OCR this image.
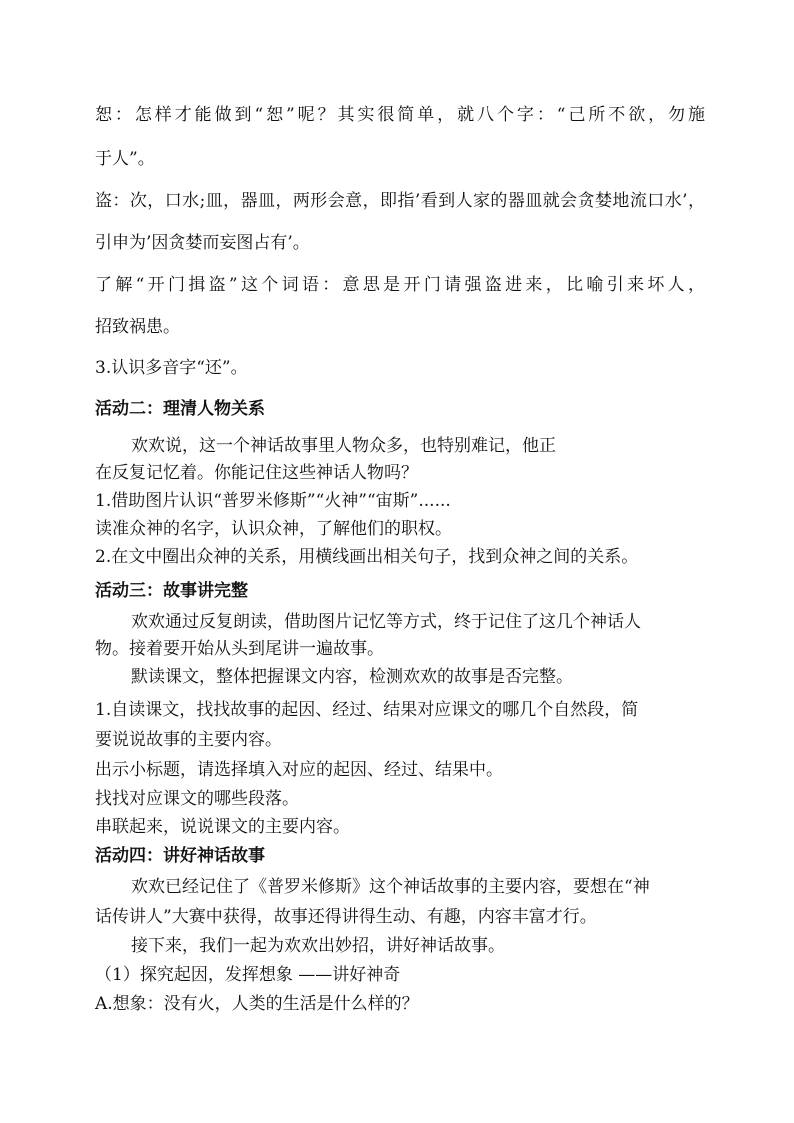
恕：怎样才能做到“恕”呢？其实很简单，就八个字：“己所不欲，勿施
于人”。
盗：次，口水;皿，器皿，两形会意，即指’看到人家的器皿就会贪婪地流口水’，
引申为’因贪婪而妄图占有’。
了解“开门揖盗”这个词语：意思是开门请强盗进来，比喻引来坏人，
招致祸患。
3.认识多音字“还”。
活动二：理清人物关系
欢欢说，这一个神话故事里人物众多，也特别难记，他正
在反复记忆着。你能记住这些神话人物吗？
1.借助图片认识“普罗米修斯”“火神”“宙斯”......
读准众神的名字，认识众神，了解他们的职权。
2.在文中圈出众神的关系，用横线画出相关句子，找到众神之间的关系。
活动三：故事讲完整
欢欢通过反复朗读，借助图片记忆等方式，终于记住了这几个神话人
物。接着要开始从头到尾讲一遍故事。
默读课文，整体把握课文内容，检测欢欢的故事是否完整。
1.自读课文，找找故事的起因、经过、结果对应课文的哪几个自然段，简
要说说故事的主要内容。
出示小标题，请选择填入对应的起因、经过、结果中。
找找对应课文的哪些段落。
串联起来，说说课文的主要内容。
活动四：讲好神话故事
欢欢已经记住了《普罗米修斯》这个神话故事的主要内容，要想在“神
话传讲人”大赛中获得，故事还得讲得生动、有趣，内容丰富才行。
接下来，我们一起为欢欢出妙招，讲好神话故事。
（1）探究起因，发挥想象 ——讲好神奇
A.想象：没有火，人类的生活是什么样的？
